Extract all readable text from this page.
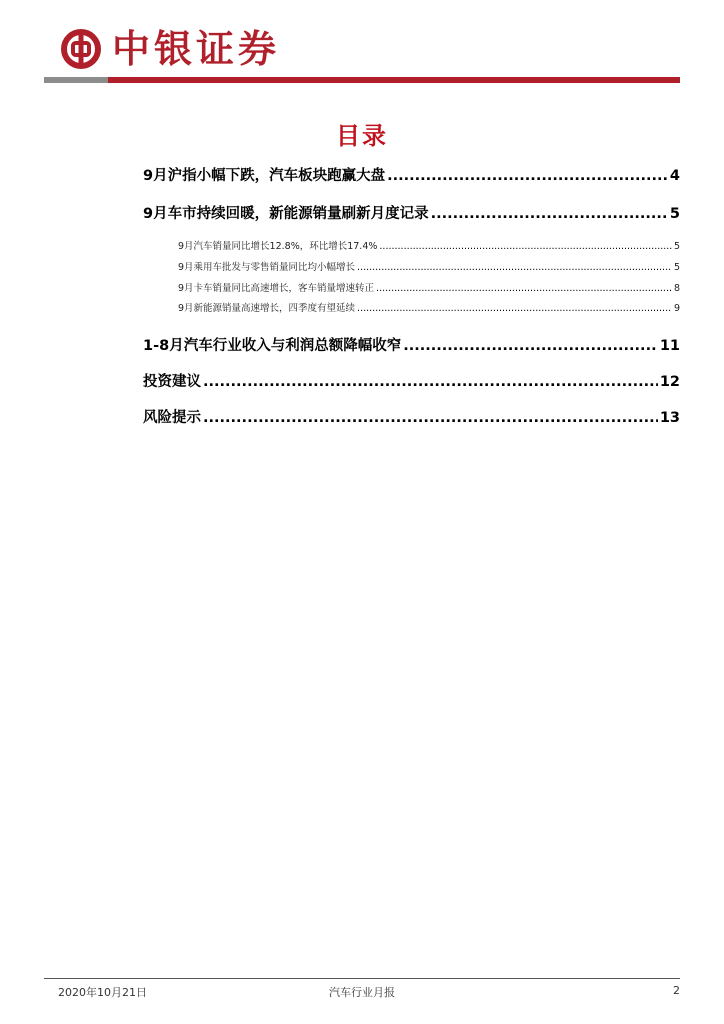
中银证券
目录
9月沪指小幅下跌，汽车板块跑赢大盘 .....	4
9月车市持续回暖，新能源销量刷新月度记录 .....	5
9月汽车销量同比增长12.8%，环比增长17.4% .....	5
9月乘用车批发与零售销量同比均小幅增长 .....	5
9月卡车销量同比高速增长，客车销量增速转正 .....	8
9月新能源销量高速增长，四季度有望延续 .....	9
1-8月汽车行业收入与利润总额降幅收窄 .....	11
投资建议 .....	12
风险提示 .....	13
2020年10月21日	汽车行业月报	2
